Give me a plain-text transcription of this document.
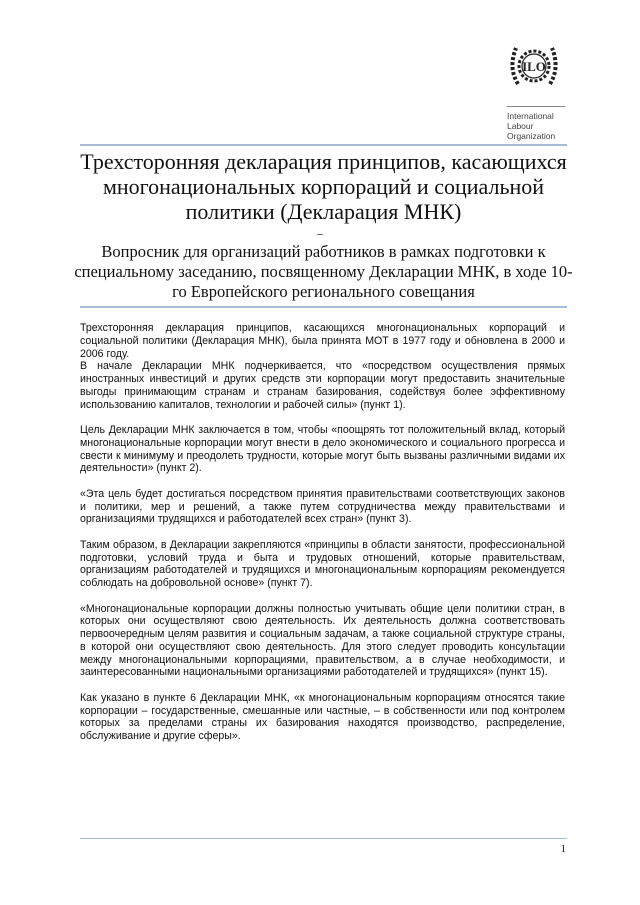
ILO
International
Labour
Organization
Трехсторонняя декларация принципов, касающихся многонациональных корпораций и социальной политики (Декларация МНК)
–
Вопросник для организаций работников в рамках подготовки к специальному заседанию, посвященному Декларации МНК, в ходе 10-го Европейского регионального совещания

Трехсторонняя декларация принципов, касающихся многонациональных корпораций и социальной политики (Декларация МНК), была принята МОТ в 1977 году и обновлена в 2000 и 2006 году.

В начале Декларации МНК подчеркивается, что «посредством осуществления прямых иностранных инвестиций и других средств эти корпорации могут предоставить значительные выгоды принимающим странам и странам базирования, содействуя более эффективному использованию капиталов, технологии и рабочей силы» (пункт 1).

Цель Декларации МНК заключается в том, чтобы «поощрять тот положительный вклад, который многонациональные корпорации могут внести в дело экономического и социального прогресса и свести к минимуму и преодолеть трудности, которые могут быть вызваны различными видами их деятельности» (пункт 2).

«Эта цель будет достигаться посредством принятия правительствами соответствующих законов и политики, мер и решений, а также путем сотрудничества между правительствами и организациями трудящихся и работодателей всех стран» (пункт 3).

Таким образом, в Декларации закрепляются «принципы в области занятости, профессиональной подготовки, условий труда и быта и трудовых отношений, которые правительствам, организациям работодателей и трудящихся и многонациональным корпорациям рекомендуется соблюдать на добровольной основе» (пункт 7).

«Многонациональные корпорации должны полностью учитывать общие цели политики стран, в которых они осуществляют свою деятельность. Их деятельность должна соответствовать первоочередным целям развития и социальным задачам, а также социальной структуре страны, в которой они осуществляют свою деятельность. Для этого следует проводить консультации между многонациональными корпорациями, правительством, а в случае необходимости, и заинтересованными национальными организациями работодателей и трудящихся» (пункт 15).

Как указано в пункте 6 Декларации МНК, «к многонациональным корпорациям относятся такие корпорации – государственные, смешанные или частные, – в собственности или под контролем которых за пределами страны их базирования находятся производство, распределение, обслуживание и другие сферы».

1
